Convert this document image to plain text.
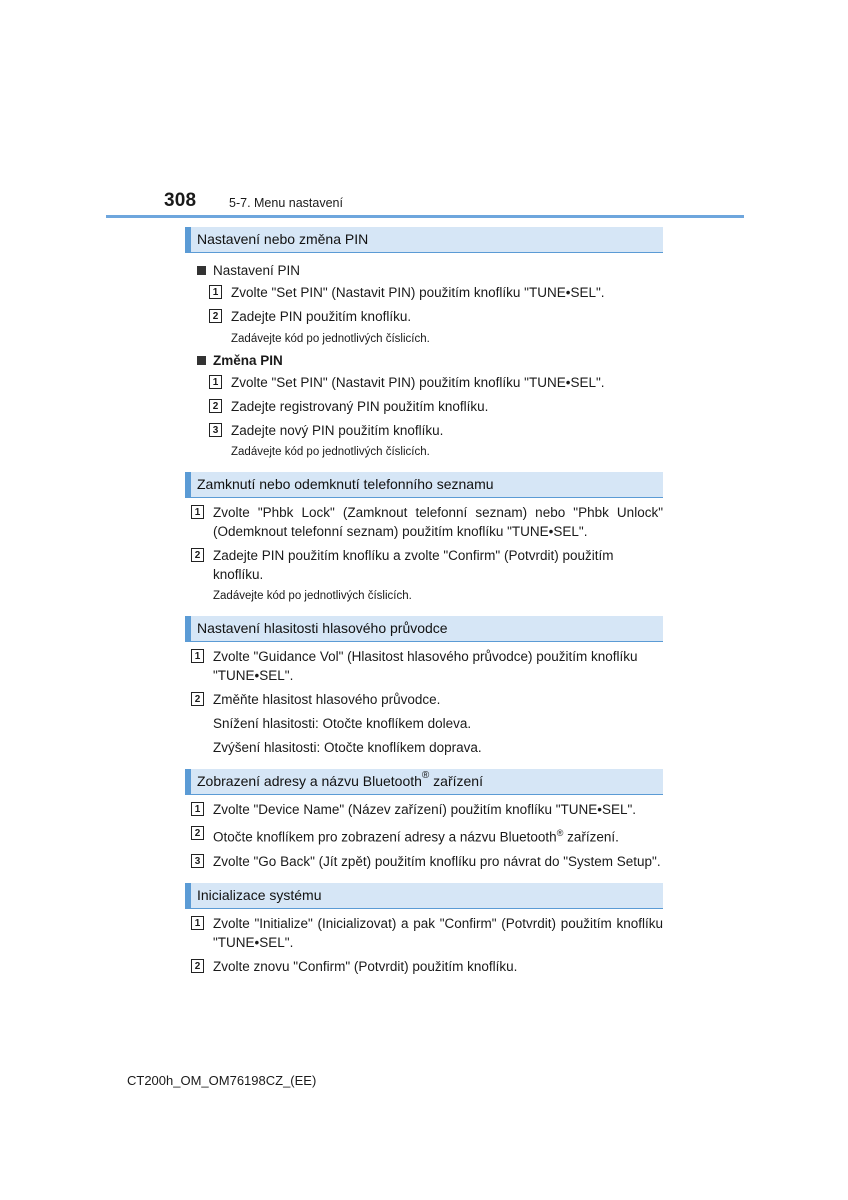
308	5-7. Menu nastavení
Nastavení nebo změna PIN
Nastavení PIN
1 Zvolte "Set PIN" (Nastavit PIN) použitím knoflíku "TUNE•SEL".
2 Zadejte PIN použitím knoflíku.
Zadávejte kód po jednotlivých číslicích.
Změna PIN
1 Zvolte "Set PIN" (Nastavit PIN) použitím knoflíku "TUNE•SEL".
2 Zadejte registrovaný PIN použitím knoflíku.
3 Zadejte nový PIN použitím knoflíku.
Zadávejte kód po jednotlivých číslicích.
Zamknutí nebo odemknutí telefonního seznamu
1 Zvolte "Phbk Lock" (Zamknout telefonní seznam) nebo "Phbk Unlock" (Odemknout telefonní seznam) použitím knoflíku "TUNE•SEL".
2 Zadejte PIN použitím knoflíku a zvolte "Confirm" (Potvrdit) použitím knoflíku.
Zadávejte kód po jednotlivých číslicích.
Nastavení hlasitosti hlasového průvodce
1 Zvolte "Guidance Vol" (Hlasitost hlasového průvodce) použitím knoflíku "TUNE•SEL".
2 Změňte hlasitost hlasového průvodce.
Snížení hlasitosti: Otočte knoflíkem doleva.
Zvýšení hlasitosti: Otočte knoflíkem doprava.
Zobrazení adresy a názvu Bluetooth® zařízení
1 Zvolte "Device Name" (Název zařízení) použitím knoflíku "TUNE•SEL".
2 Otočte knoflíkem pro zobrazení adresy a názvu Bluetooth® zařízení.
3 Zvolte "Go Back" (Jít zpět) použitím knoflíku pro návrat do "System Setup".
Inicializace systému
1 Zvolte "Initialize" (Inicializovat) a pak "Confirm" (Potvrdit) použitím knoflíku "TUNE•SEL".
2 Zvolte znovu "Confirm" (Potvrdit) použitím knoflíku.
CT200h_OM_OM76198CZ_(EE)
